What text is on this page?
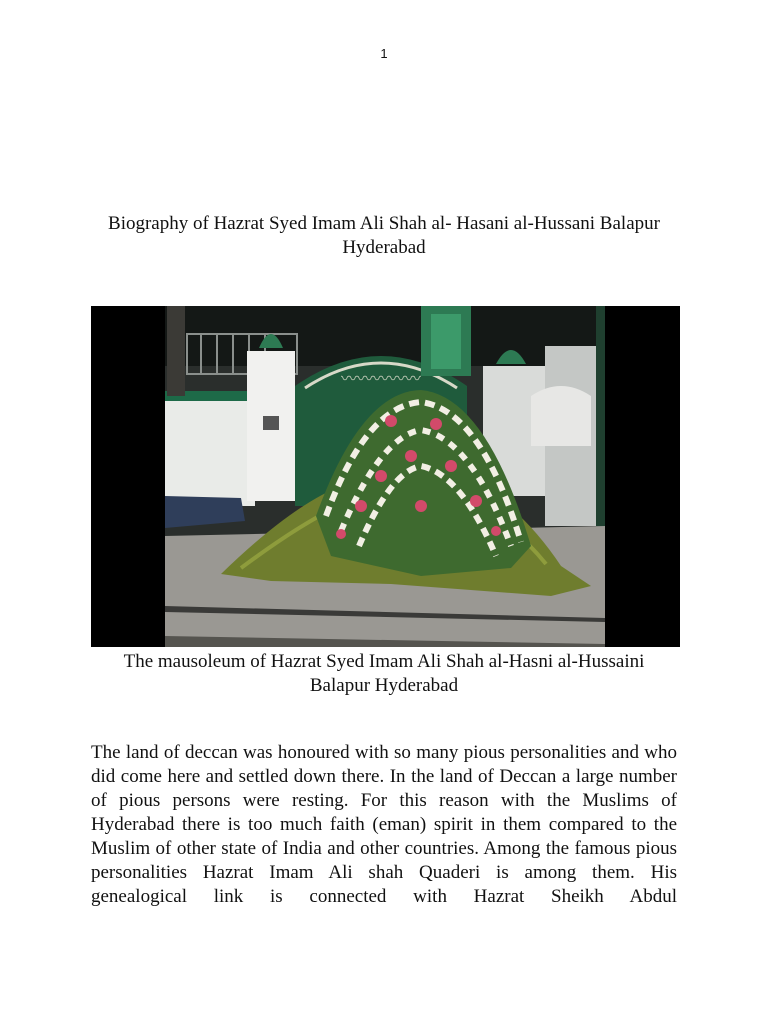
1
Biography of Hazrat Syed Imam Ali Shah al- Hasani al-Hussani Balapur
Hyderabad
〰〰〰〰〰
The mausoleum of Hazrat Syed Imam Ali Shah al-Hasni al-Hussaini
Balapur Hyderabad
The land of deccan was honoured with so many pious personalities and who did come here and settled down there. In the land of Deccan a large number of pious persons were resting. For this reason with the Muslims of Hyderabad there is too much faith (eman) spirit in them compared to the Muslim of other state of India and other countries. Among the famous pious personalities Hazrat Imam Ali shah Quaderi is among them. His genealogical link is connected with Hazrat Sheikh Abdul
